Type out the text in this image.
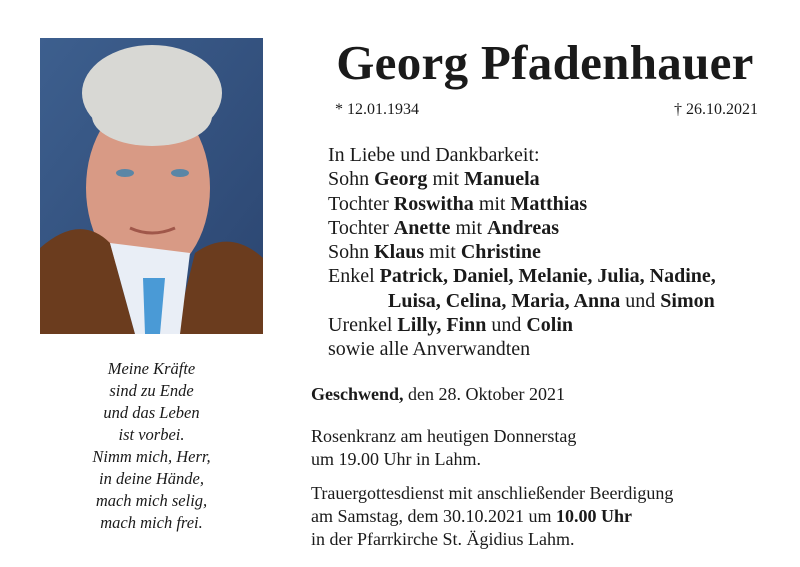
Georg Pfadenhauer
* 12.01.1934	† 26.10.2021
In Liebe und Dankbarkeit:
Sohn Georg mit Manuela
Tochter Roswitha mit Matthias
Tochter Anette mit Andreas
Sohn Klaus mit Christine
Enkel Patrick, Daniel, Melanie, Julia, Nadine,
Luisa, Celina, Maria, Anna und Simon
Urenkel Lilly, Finn und Colin
sowie alle Anverwandten
Meine Kräfte
sind zu Ende
und das Leben
ist vorbei.
Nimm mich, Herr,
in deine Hände,
mach mich selig,
mach mich frei.
Geschwend, den 28. Oktober 2021
Rosenkranz am heutigen Donnerstag
um 19.00 Uhr in Lahm.
Trauergottesdienst mit anschließender Beerdigung
am Samstag, dem 30.10.2021 um 10.00 Uhr
in der Pfarrkirche St. Ägidius Lahm.
